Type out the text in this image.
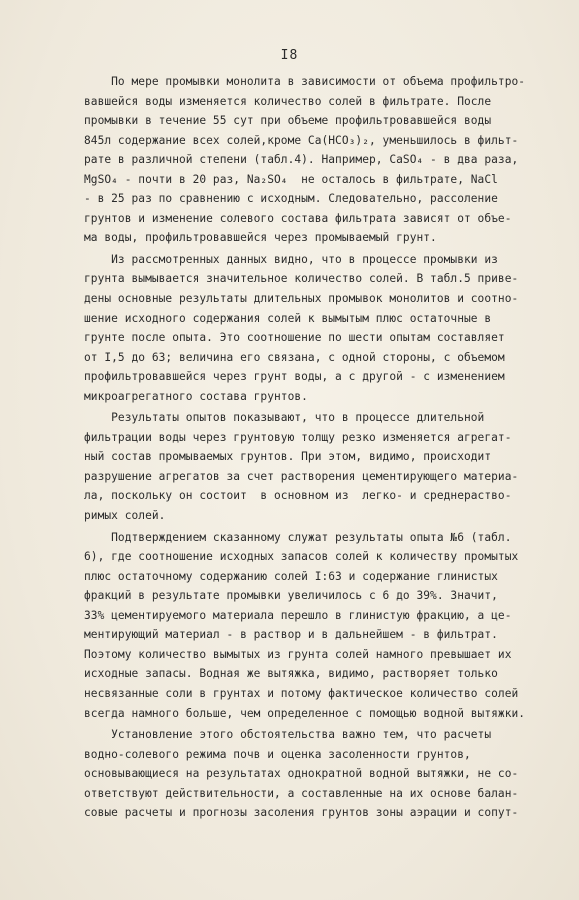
I8
По мере промывки монолита в зависимости от объема профильтро-
вавшейся воды изменяется количество солей в фильтрате. После
промывки в течение 55 сут при объеме профильтровавшейся воды
845л содержание всех солей,кроме Ca(HCO₃)₂, уменьшилось в фильт-
рате в различной степени (табл.4). Например, CaSO₄ - в два раза,
MgSO₄ - почти в 20 раз, Na₂SO₄  не осталось в фильтрате, NaCl
- в 25 раз по сравнению с исходным. Следовательно, рассоление
грунтов и изменение солевого состава фильтрата зависят от объе-
ма воды, профильтровавшейся через промываемый грунт.
Из рассмотренных данных видно, что в процессе промывки из
грунта вымывается значительное количество солей. В табл.5 приве-
дены основные результаты длительных промывок монолитов и соотно-
шение исходного содержания солей к вымытым плюс остаточные в
грунте после опыта. Это соотношение по шести опытам составляет
от I,5 до 63; величина его связана, с одной стороны, с объемом
профильтровавшейся через грунт воды, а с другой - с изменением
микроагрегатного состава грунтов.
Результаты опытов показывают, что в процессе длительной
фильтрации воды через грунтовую толщу резко изменяется агрегат-
ный состав промываемых грунтов. При этом, видимо, происходит
разрушение агрегатов за счет растворения цементирующего материа-
ла, поскольку он состоит  в основном из  легко- и среднераство-
римых солей.
Подтверждением сказанному служат результаты опыта №6 (табл.
6), где соотношение исходных запасов солей к количеству промытых
плюс остаточному содержанию солей I:63 и содержание глинистых
фракций в результате промывки увеличилось с 6 до 39%. Значит,
33% цементируемого материала перешло в глинистую фракцию, а це-
ментирующий материал - в раствор и в дальнейшем - в фильтрат.
Поэтому количество вымытых из грунта солей намного превышает их
исходные запасы. Водная же вытяжка, видимо, растворяет только
несвязанные соли в грунтах и потому фактическое количество солей
всегда намного больше, чем определенное с помощью водной вытяжки.
Установление этого обстоятельства важно тем, что расчеты
водно-солевого режима почв и оценка засоленности грунтов,
основывающиеся на результатах однократной водной вытяжки, не со-
ответствуют действительности, а составленные на их основе балан-
совые расчеты и прогнозы засоления грунтов зоны аэрации и сопут-
